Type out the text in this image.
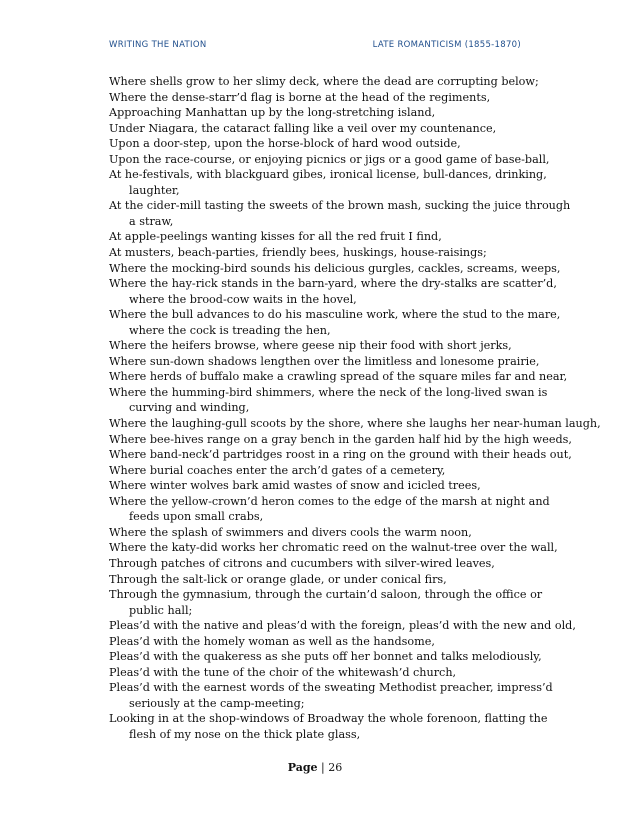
WRITING THE NATION	LATE ROMANTICISM (1855-1870)
Where shells grow to her slimy deck, where the dead are corrupting below;
Where the dense-starr’d flag is borne at the head of the regiments,
Approaching Manhattan up by the long-stretching island,
Under Niagara, the cataract falling like a veil over my countenance,
Upon a door-step, upon the horse-block of hard wood outside,
Upon the race-course, or enjoying picnics or jigs or a good game of base-ball,
At he-festivals, with blackguard gibes, ironical license, bull-dances, drinking,
laughter,
At the cider-mill tasting the sweets of the brown mash, sucking the juice through
a straw,
At apple-peelings wanting kisses for all the red fruit I find,
At musters, beach-parties, friendly bees, huskings, house-raisings;
Where the mocking-bird sounds his delicious gurgles, cackles, screams, weeps,
Where the hay-rick stands in the barn-yard, where the dry-stalks are scatter’d,
where the brood-cow waits in the hovel,
Where the bull advances to do his masculine work, where the stud to the mare,
where the cock is treading the hen,
Where the heifers browse, where geese nip their food with short jerks,
Where sun-down shadows lengthen over the limitless and lonesome prairie,
Where herds of buffalo make a crawling spread of the square miles far and near,
Where the humming-bird shimmers, where the neck of the long-lived swan is
curving and winding,
Where the laughing-gull scoots by the shore, where she laughs her near-human laugh,
Where bee-hives range on a gray bench in the garden half hid by the high weeds,
Where band-neck’d partridges roost in a ring on the ground with their heads out,
Where burial coaches enter the arch’d gates of a cemetery,
Where winter wolves bark amid wastes of snow and icicled trees,
Where the yellow-crown’d heron comes to the edge of the marsh at night and
feeds upon small crabs,
Where the splash of swimmers and divers cools the warm noon,
Where the katy-did works her chromatic reed on the walnut-tree over the wall,
Through patches of citrons and cucumbers with silver-wired leaves,
Through the salt-lick or orange glade, or under conical firs,
Through the gymnasium, through the curtain’d saloon, through the office or
public hall;
Pleas’d with the native and pleas’d with the foreign, pleas’d with the new and old,
Pleas’d with the homely woman as well as the handsome,
Pleas’d with the quakeress as she puts off her bonnet and talks melodiously,
Pleas’d with the tune of the choir of the whitewash’d church,
Pleas’d with the earnest words of the sweating Methodist preacher, impress’d
seriously at the camp-meeting;
Looking in at the shop-windows of Broadway the whole forenoon, flatting the
flesh of my nose on the thick plate glass,
Page | 26
